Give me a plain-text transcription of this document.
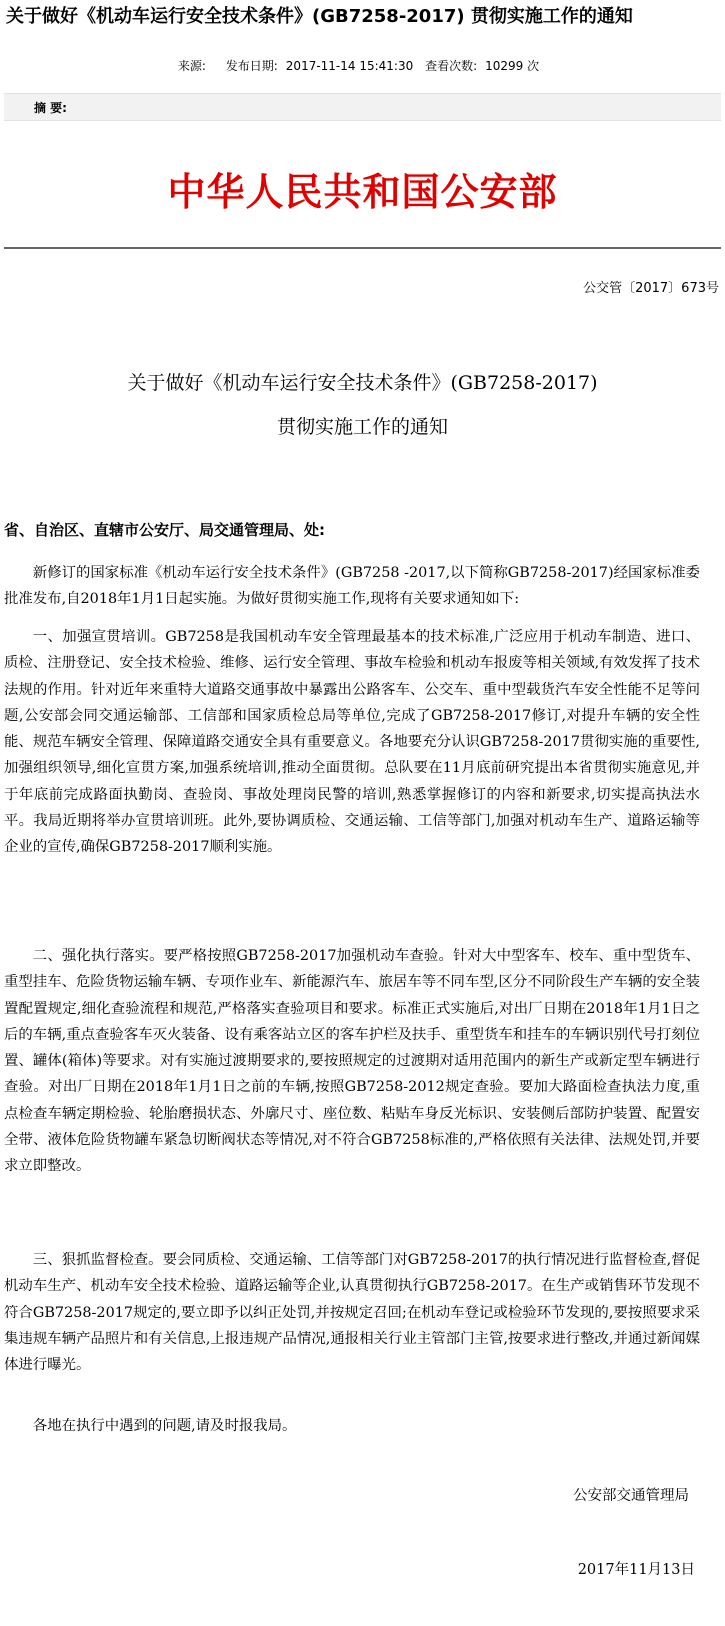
关于做好《机动车运行安全技术条件》(GB7258-2017) 贯彻实施工作的通知
来源: 发布日期: 2017-11-14 15:41:30 查看次数: 10299 次
摘 要:
中华人民共和国公安部
公交管〔2017〕673号
关于做好《机动车运行安全技术条件》(GB7258-2017)
贯彻实施工作的通知
省、自治区、直辖市公安厅、局交通管理局、处:
新修订的国家标准《机动车运行安全技术条件》(GB7258 -2017,以下简称GB7258-2017)经国家标准委批准发布,自2018年1月1日起实施。为做好贯彻实施工作,现将有关要求通知如下:
一、加强宣贯培训。GB7258是我国机动车安全管理最基本的技术标准,广泛应用于机动车制造、进口、质检、注册登记、安全技术检验、维修、运行安全管理、事故车检验和机动车报废等相关领域,有效发挥了技术法规的作用。针对近年来重特大道路交通事故中暴露出公路客车、公交车、重中型载货汽车安全性能不足等问题,公安部会同交通运输部、工信部和国家质检总局等单位,完成了GB7258-2017修订,对提升车辆的安全性能、规范车辆安全管理、保障道路交通安全具有重要意义。各地要充分认识GB7258-2017贯彻实施的重要性,加强组织领导,细化宣贯方案,加强系统培训,推动全面贯彻。总队要在11月底前研究提出本省贯彻实施意见,并于年底前完成路面执勤岗、查验岗、事故处理岗民警的培训,熟悉掌握修订的内容和新要求,切实提高执法水平。我局近期将举办宣贯培训班。此外,要协调质检、交通运输、工信等部门,加强对机动车生产、道路运输等企业的宣传,确保GB7258-2017顺利实施。
二、强化执行落实。要严格按照GB7258-2017加强机动车查验。针对大中型客车、校车、重中型货车、重型挂车、危险货物运输车辆、专项作业车、新能源汽车、旅居车等不同车型,区分不同阶段生产车辆的安全装置配置规定,细化查验流程和规范,严格落实查验项目和要求。标准正式实施后,对出厂日期在2018年1月1日之后的车辆,重点查验客车灭火装备、设有乘客站立区的客车护栏及扶手、重型货车和挂车的车辆识别代号打刻位置、罐体(箱体)等要求。对有实施过渡期要求的,要按照规定的过渡期对适用范围内的新生产或新定型车辆进行查验。对出厂日期在2018年1月1日之前的车辆,按照GB7258-2012规定查验。要加大路面检查执法力度,重点检查车辆定期检验、轮胎磨损状态、外廓尺寸、座位数、粘贴车身反光标识、安装侧后部防护装置、配置安全带、液体危险货物罐车紧急切断阀状态等情况,对不符合GB7258标准的,严格依照有关法律、法规处罚,并要求立即整改。
三、狠抓监督检查。要会同质检、交通运输、工信等部门对GB7258-2017的执行情况进行监督检查,督促机动车生产、机动车安全技术检验、道路运输等企业,认真贯彻执行GB7258-2017。在生产或销售环节发现不符合GB7258-2017规定的,要立即予以纠正处罚,并按规定召回;在机动车登记或检验环节发现的,要按照要求采集违规车辆产品照片和有关信息,上报违规产品情况,通报相关行业主管部门主管,按要求进行整改,并通过新闻媒体进行曝光。
各地在执行中遇到的问题,请及时报我局。
公安部交通管理局
2017年11月13日
